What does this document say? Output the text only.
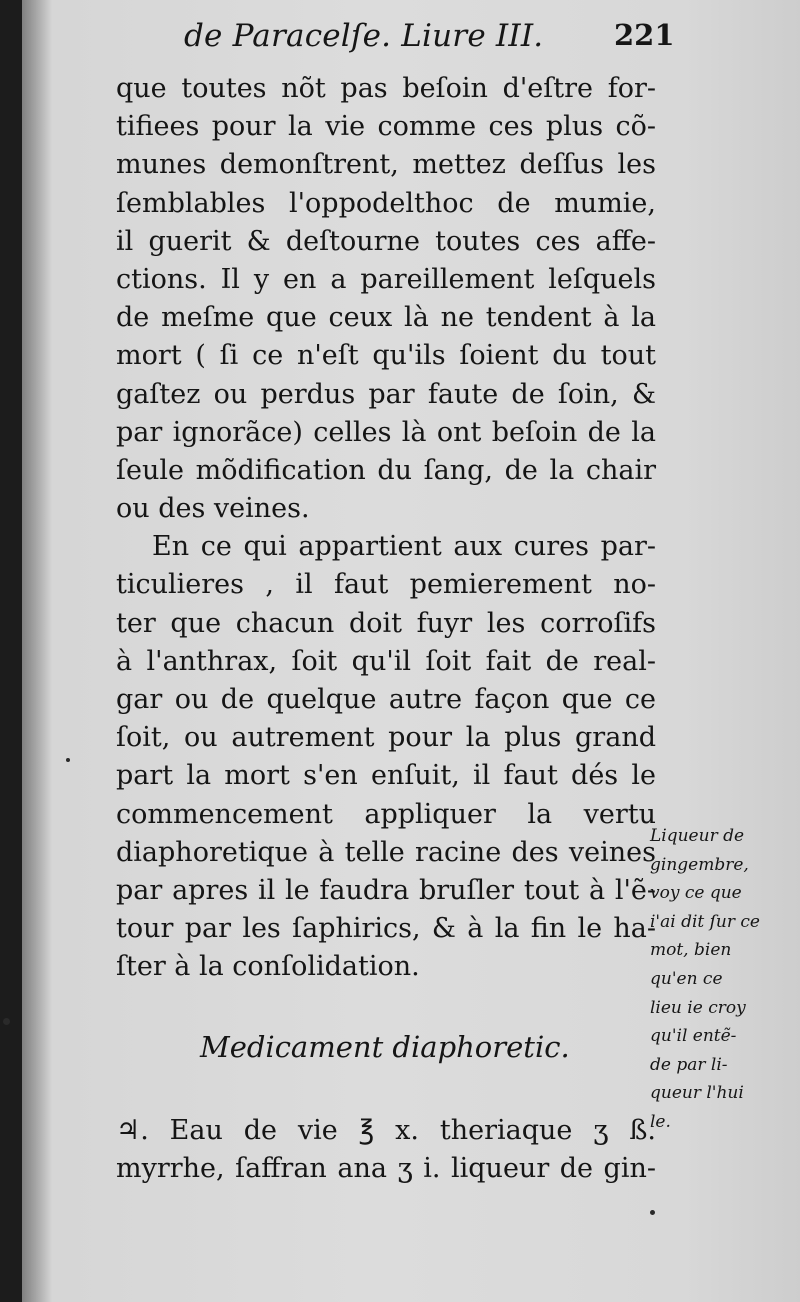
de Paracelſe. Liure III. 221
que toutes nõt pas beſoin d'eſtre for-
tifiees pour la vie comme ces plus cõ-
munes demonſtrent, mettez deſſus les
ſemblables l'oppodelthoc de mumie,
il guerit & deſtourne toutes ces affe-
ctions. Il y en a pareillement leſquels
de meſme que ceux là ne tendent à la
mort ( ſi ce n'eſt qu'ils ſoient du tout
gaſtez ou perdus par faute de ſoin, &
par ignorãce) celles là ont beſoin de la
ſeule mõdification du ſang, de la chair
ou des veines.
En ce qui appartient aux cures par-
ticulieres , il faut pemierement no-
ter que chacun doit fuyr les corroſifs
à l'anthrax, ſoit qu'il ſoit fait de real-
gar ou de quelque autre façon que ce
ſoit, ou autrement pour la plus grand
part la mort s'en enſuit, il faut dés le
commencement appliquer la vertu
diaphoretique à telle racine des veines
par apres il le faudra bruſler tout à l'ẽ-
tour par les ſaphirics, & à la fin le ha-
ſter à la conſolidation.
Medicament diaphoretic.
♃. Eau de vie ℥ x. theriaque ʒ ß.
myrrhe, ſaffran ana ʒ i. liqueur de gin-
Liqueur de
gingembre,
voy ce que
i'ai dit ſur ce
mot, bien
qu'en ce
lieu ie croy
qu'il entẽ-
de par li-
queur l'hui
le.
